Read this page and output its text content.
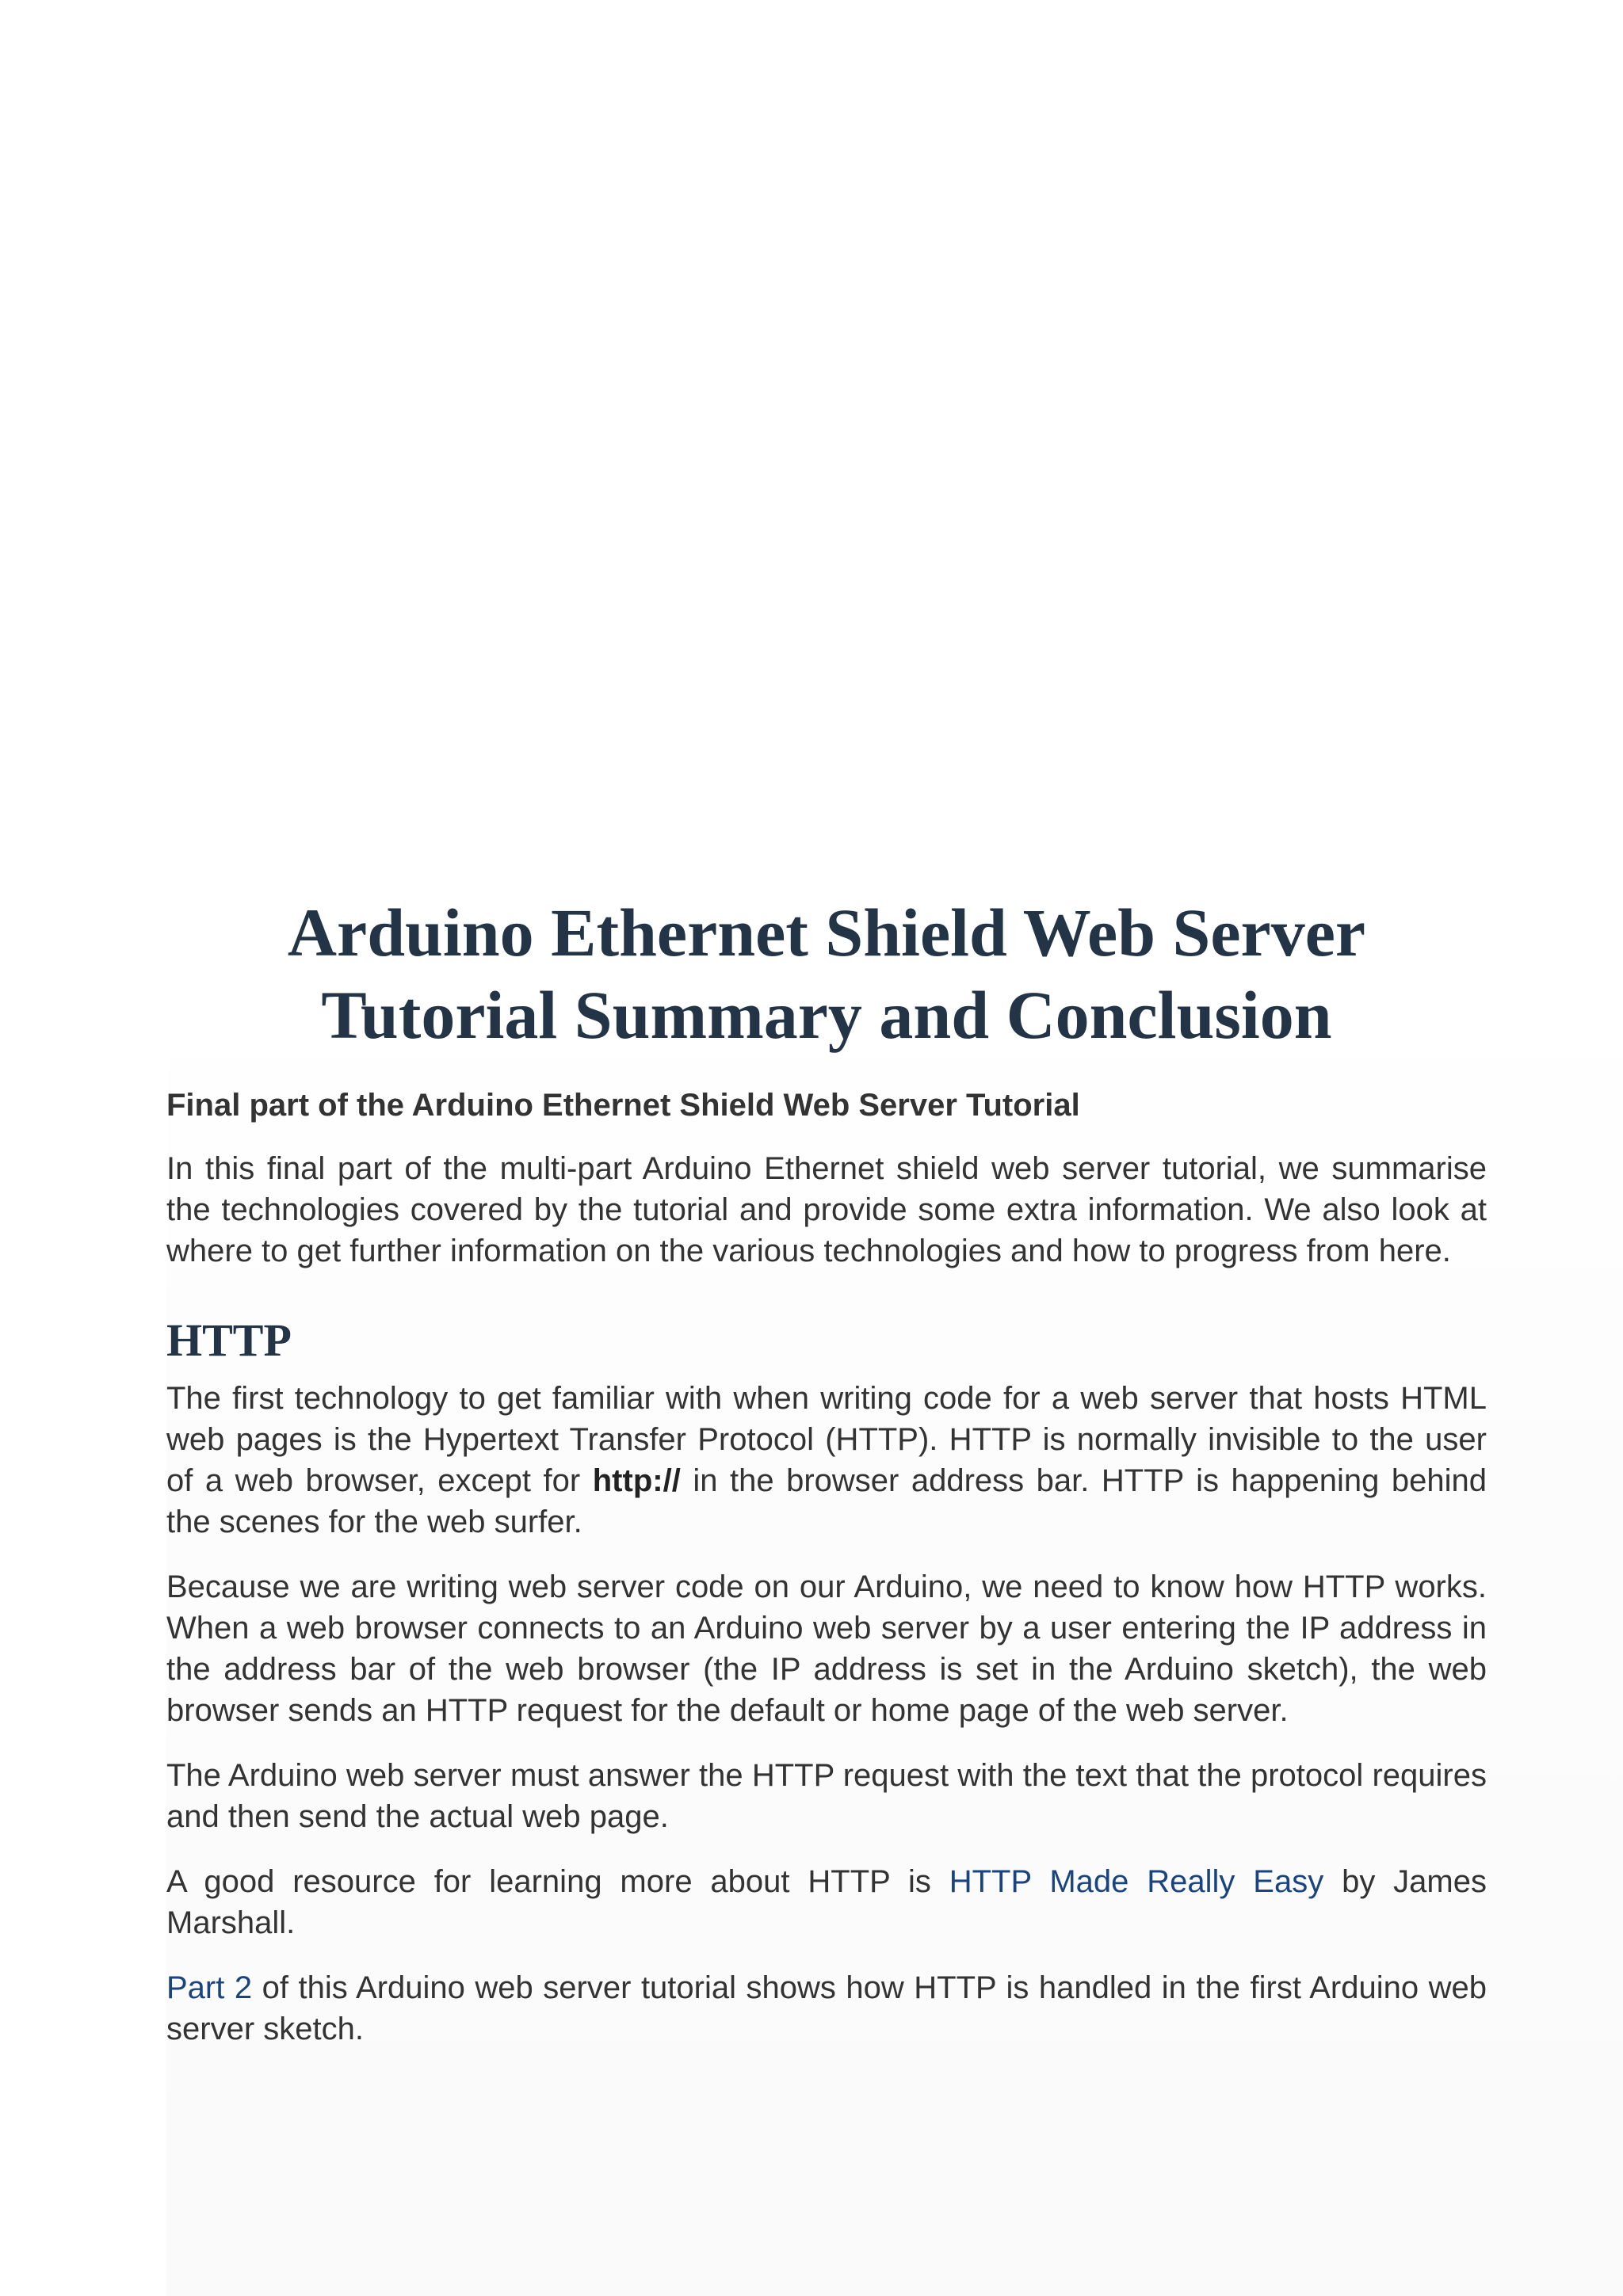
Arduino Ethernet Shield Web Server Tutorial Summary and Conclusion
Final part of the Arduino Ethernet Shield Web Server Tutorial

In this final part of the multi-part Arduino Ethernet shield web server tutorial, we summarise the technologies covered by the tutorial and provide some extra information. We also look at where to get further information on the various technologies and how to progress from here.

HTTP

The first technology to get familiar with when writing code for a web server that hosts HTML web pages is the Hypertext Transfer Protocol (HTTP). HTTP is normally invisible to the user of a web browser, except for http:// in the browser address bar. HTTP is happening behind the scenes for the web surfer.

Because we are writing web server code on our Arduino, we need to know how HTTP works. When a web browser connects to an Arduino web server by a user entering the IP address in the address bar of the web browser (the IP address is set in the Arduino sketch), the web browser sends an HTTP request for the default or home page of the web server.

The Arduino web server must answer the HTTP request with the text that the protocol requires and then send the actual web page.

A good resource for learning more about HTTP is HTTP Made Really Easy by James Marshall.

Part 2 of this Arduino web server tutorial shows how HTTP is handled in the first Arduino web server sketch.
